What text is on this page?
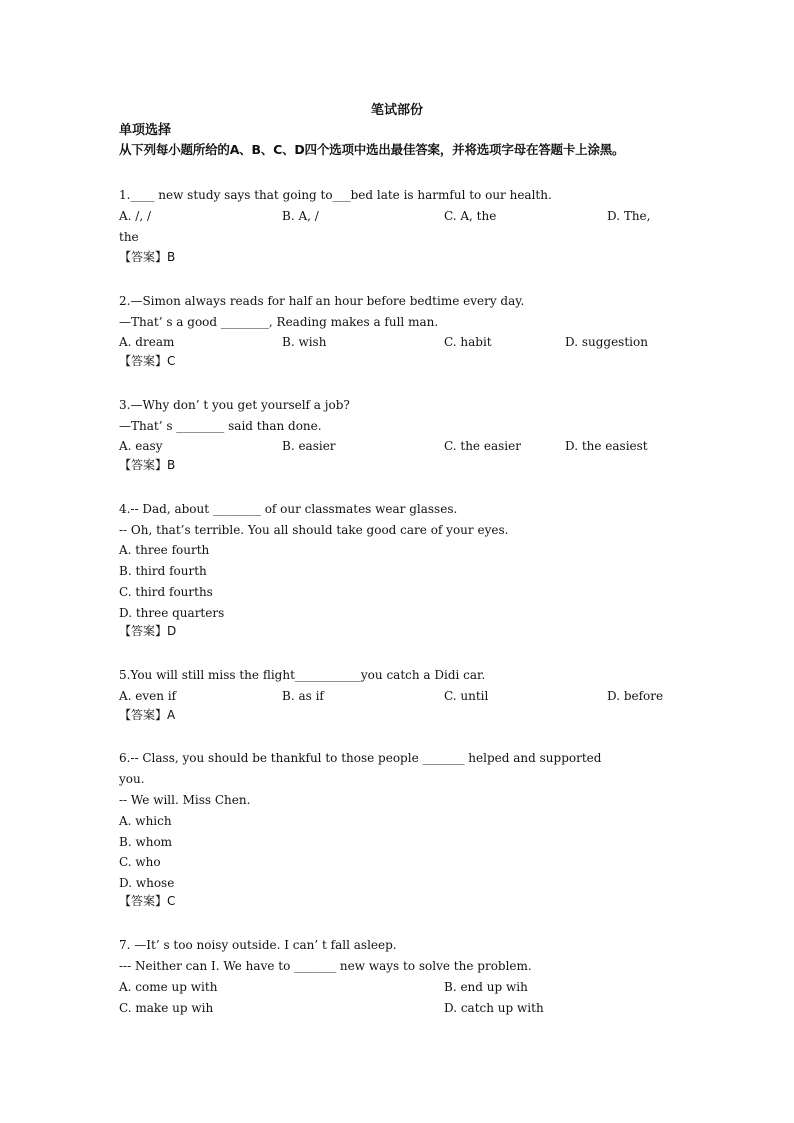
笔试部份
单项选择
从下列每小题所给的A、B、C、D四个选项中选出最佳答案，并将选项字母在答题卡上涂黑。
1.____ new study says that going to___bed late is harmful to our health.
A. /, /	B. A, /	C. A, the	D. The,
the
【答案】B
2.—Simon always reads for half an hour before bedtime every day.
—That’ s a good ________, Reading makes a full man.
A. dream	B. wish	C. habit	D. suggestion
【答案】C
3.—Why don’ t you get yourself a job?
—That’ s ________ said than done.
A. easy	B. easier	C. the easier	D. the easiest
【答案】B
4.-- Dad, about ________ of our classmates wear glasses.
-- Oh, that’s terrible. You all should take good care of your eyes.
A. three fourth
B. third fourth
C. third fourths
D. three quarters
【答案】D
5.You will still miss the flight___________you catch a Didi car.
A. even if	B. as if	C. until	D. before
【答案】A
6.-- Class, you should be thankful to those people _______ helped and supported
you.
-- We will. Miss Chen.
A. which
B. whom
C. who
D. whose
【答案】C
7. —It’ s too noisy outside. I can’ t fall asleep.
--- Neither can I. We have to _______ new ways to solve the problem.
A. come up with	B. end up wih
C. make up wih	D. catch up with
